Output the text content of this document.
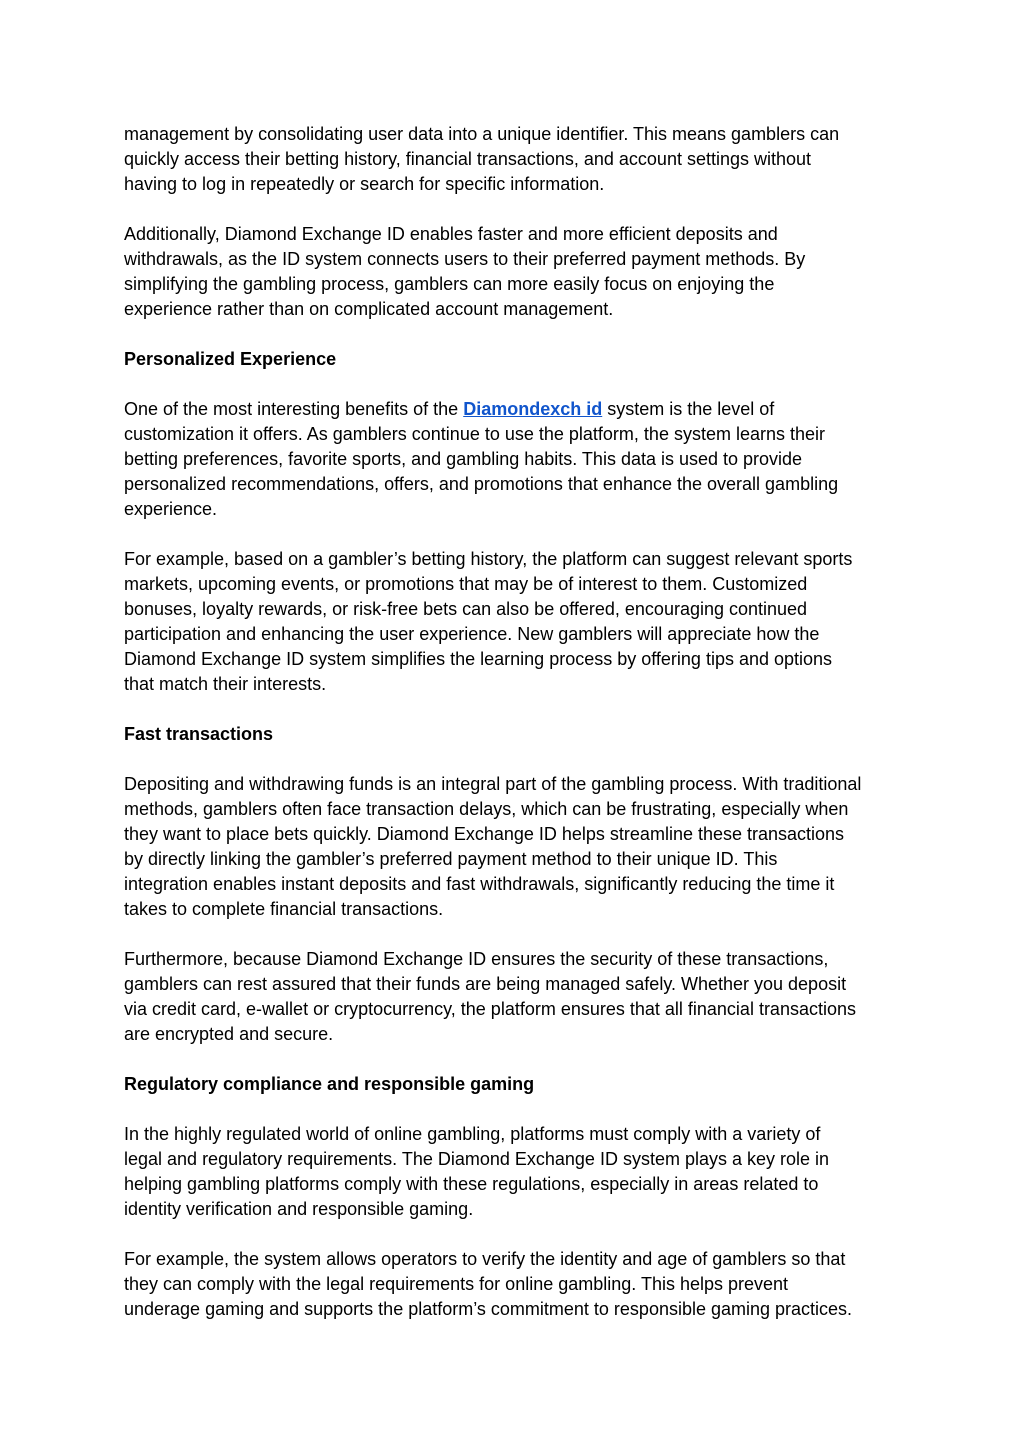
management by consolidating user data into a unique identifier. This means gamblers can
quickly access their betting history, financial transactions, and account settings without
having to log in repeatedly or search for specific information.
Additionally, Diamond Exchange ID enables faster and more efficient deposits and
withdrawals, as the ID system connects users to their preferred payment methods. By
simplifying the gambling process, gamblers can more easily focus on enjoying the
experience rather than on complicated account management.
Personalized Experience
One of the most interesting benefits of the Diamondexch id system is the level of
customization it offers. As gamblers continue to use the platform, the system learns their
betting preferences, favorite sports, and gambling habits. This data is used to provide
personalized recommendations, offers, and promotions that enhance the overall gambling
experience.
For example, based on a gambler’s betting history, the platform can suggest relevant sports
markets, upcoming events, or promotions that may be of interest to them. Customized
bonuses, loyalty rewards, or risk-free bets can also be offered, encouraging continued
participation and enhancing the user experience. New gamblers will appreciate how the
Diamond Exchange ID system simplifies the learning process by offering tips and options
that match their interests.
Fast transactions
Depositing and withdrawing funds is an integral part of the gambling process. With traditional
methods, gamblers often face transaction delays, which can be frustrating, especially when
they want to place bets quickly. Diamond Exchange ID helps streamline these transactions
by directly linking the gambler’s preferred payment method to their unique ID. This
integration enables instant deposits and fast withdrawals, significantly reducing the time it
takes to complete financial transactions.
Furthermore, because Diamond Exchange ID ensures the security of these transactions,
gamblers can rest assured that their funds are being managed safely. Whether you deposit
via credit card, e-wallet or cryptocurrency, the platform ensures that all financial transactions
are encrypted and secure.
Regulatory compliance and responsible gaming
In the highly regulated world of online gambling, platforms must comply with a variety of
legal and regulatory requirements. The Diamond Exchange ID system plays a key role in
helping gambling platforms comply with these regulations, especially in areas related to
identity verification and responsible gaming.
For example, the system allows operators to verify the identity and age of gamblers so that
they can comply with the legal requirements for online gambling. This helps prevent
underage gaming and supports the platform’s commitment to responsible gaming practices.
